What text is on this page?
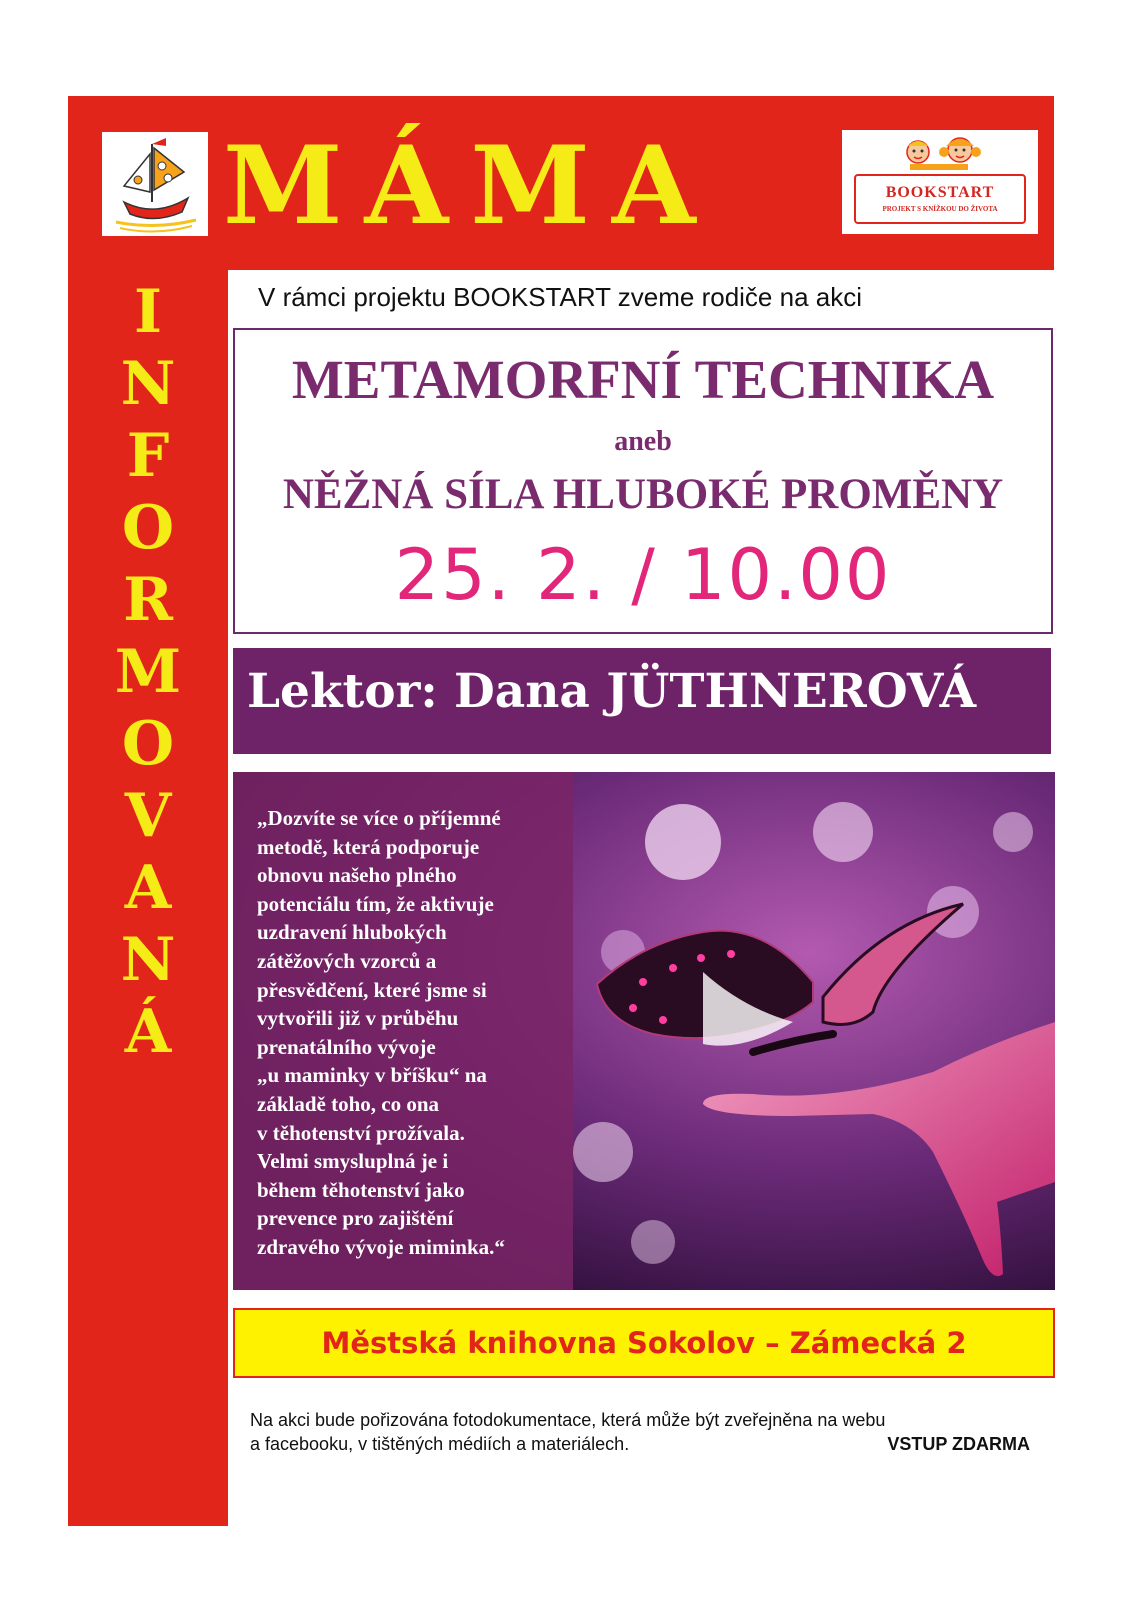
MÁMA	BOOKSTART
PROJEKT S KNÍŽKOU DO ŽIVOTA
I
N
F
O
R
M
O
V
A
N
Á
V rámci projektu BOOKSTART zveme rodiče na akci
METAMORFNÍ TECHNIKA
aneb
NĚŽNÁ SÍLA HLUBOKÉ PROMĚNY
25. 2. / 10.00
Lektor: Dana JÜTHNEROVÁ

„Dozvíte se více o příjemné
metodě, která podporuje
obnovu našeho plného
potenciálu tím, že aktivuje
uzdravení hlubokých
zátěžových vzorců a
přesvědčení, které jsme si
vytvořili již v průběhu
prenatálního vývoje
„u maminky v bříšku“ na
základě toho, co ona
v těhotenství prožívala.
Velmi smysluplná je i
během těhotenství jako
prevence pro zajištění
zdravého vývoje miminka.“

Městská knihovna Sokolov – Zámecká 2
Na akci bude pořizována fotodokumentace, která může být zveřejněna na webu
a facebooku, v tištěných médiích a materiálech.	VSTUP ZDARMA
